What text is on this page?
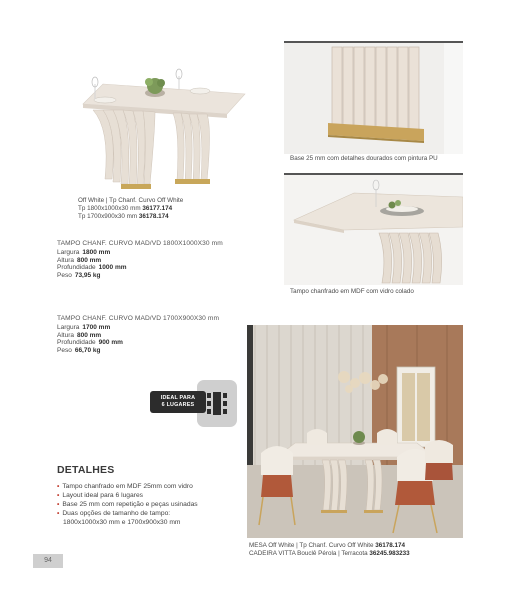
Off White | Tp Chanf. Curvo Off White
Tp 1800x1000x30 mm 36177.174
Tp 1700x900x30 mm 36178.174
Base 25 mm com detalhes dourados com pintura PU
Tampo chanfrado em MDF com vidro colado
TAMPO CHANF. CURVO MAD/VD 1800X1000X30 mm
Largura 1800 mm
Altura 800 mm
Profundidade 1000 mm
Peso 73,95 kg
TAMPO CHANF. CURVO MAD/VD 1700X900X30 mm
Largura 1700 mm
Altura 800 mm
Profundidade 900 mm
Peso 66,70 kg
IDEAL PARA
6 LUGARES
DETALHES
• Tampo chanfrado em MDF 25mm com vidro
• Layout ideal para 6 lugares
• Base 25 mm com repetição e peças usinadas
• Duas opções de tamanho de tampo:
1800x1000x30 mm e 1700x900x30 mm
MESA Off White | Tp Chanf. Curvo Off White 36178.174
CADEIRA VITTA Bouclê Pérola | Terracota 36245.983233
94
